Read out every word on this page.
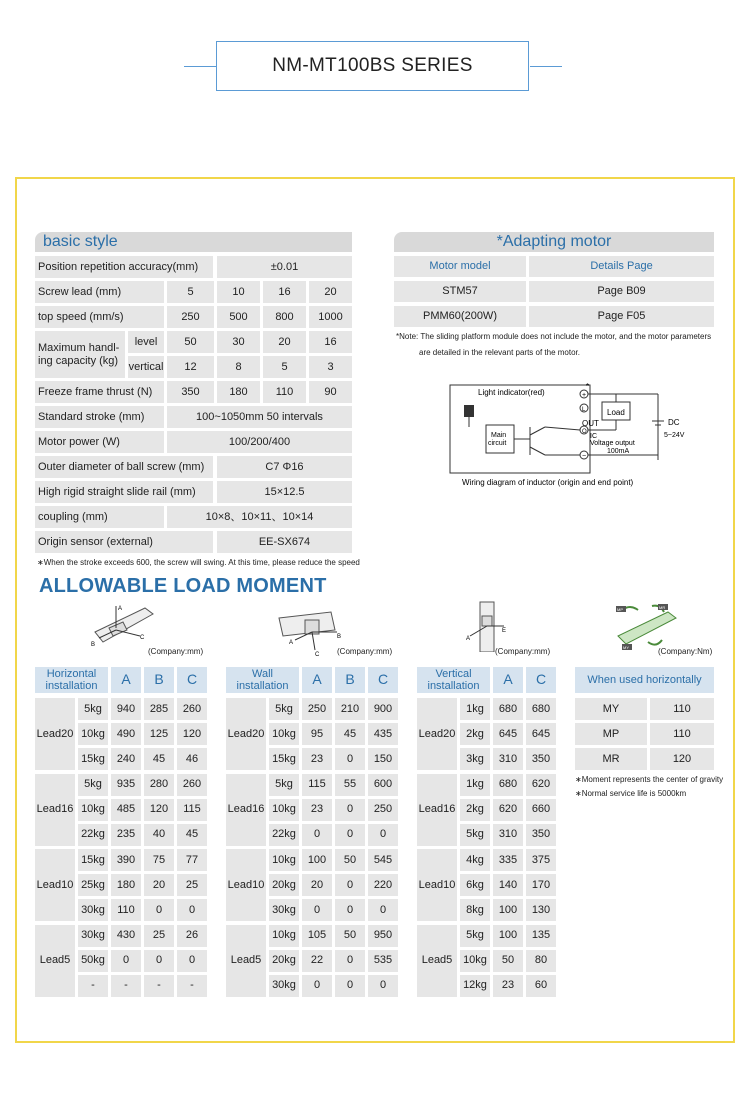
NM-MT100BS SERIES
basic style
Position repetition accuracy(mm)	±0.01
Screw lead (mm)	5	10	16	20
top speed (mm/s)	250	500	800	1000
Maximum handl-ing capacity (kg)
level	50	30	20	16
vertical	12	8	5	3
Freeze frame thrust (N)	350	180	110	90
Standard stroke (mm)	100~1050mm 50 intervals
Motor power (W)	100/200/400
Outer diameter of ball screw (mm)	C7 Φ16
High rigid straight slide rail (mm)	15×12.5
coupling (mm)	10×8、10×11、10×14
Origin sensor (external)	EE-SX674
∗When the stroke exceeds 600, the screw will swing. At this time, please reduce the speed
*Adapting motor
Motor model	Details Page
STM57	Page B09
PMM60(200W)	Page F05
*Note: The sliding platform module does not include the motor, and the motor parameters
are detailed in the relevant parts of the motor.
Light indicator(red)
*
Main
circuit
+
L
O
−
Load
OUT
IC
Voltage output
100mA
DC
5~24V
Wiring diagram of inductor (origin and end point)
ALLOWABLE LOAD MOMENT
A
B
C
(Company:mm)
A
B
C (Company:mm)
A
E
(Company:mm)
MP	MR
MY	(Company:Nm)
Horizontal
installation	A	B	C
Lead20
5kg	940	285	260
10kg	490	125	120
15kg	240	45	46
Lead16
5kg	935	280	260
10kg	485	120	115
22kg	235	40	45
Lead10
15kg	390	75	77
25kg	180	20	25
30kg	110	0	0
Lead5
30kg	430	25	26
50kg	0	0	0
-	-	-	-
Wall
installation	A	B	C
Lead20
5kg	250	210	900
10kg	95	45	435
15kg	23	0	150
Lead16
5kg	115	55	600
10kg	23	0	250
22kg	0	0	0
Lead10
10kg	100	50	545
20kg	20	0	220
30kg	0	0	0
Lead5
10kg	105	50	950
20kg	22	0	535
30kg	0	0	0
Vertical
installation	A	C
Lead20
1kg	680	680
2kg	645	645
3kg	310	350
Lead16
1kg	680	620
2kg	620	660
5kg	310	350
Lead10
4kg	335	375
6kg	140	170
8kg	100	130
Lead5
5kg	100	135
10kg	50	80
12kg	23	60
When used horizontally
MY	110
MP	110
MR	120
∗Moment represents the center of gravity
∗Normal service life is 5000km
